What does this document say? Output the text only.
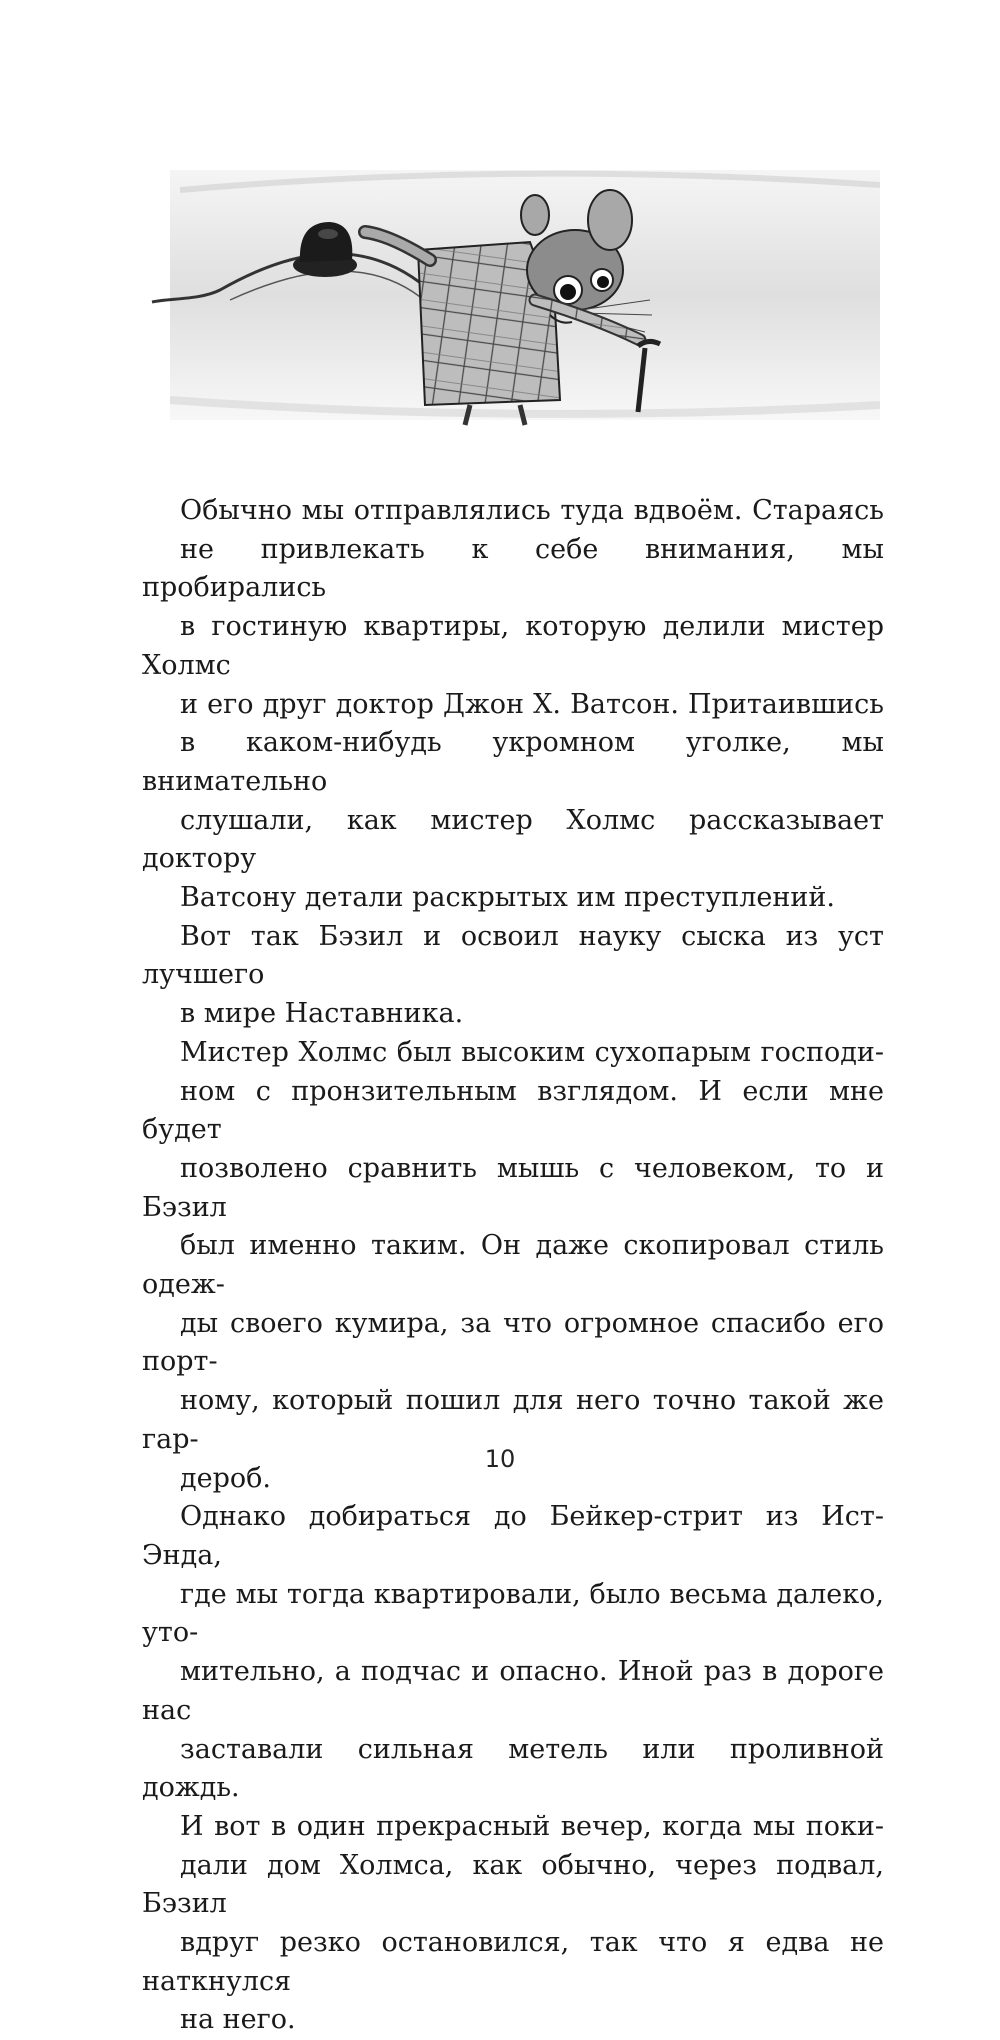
Обычно мы отправлялись туда вдвоём. Стараясь
не привлекать к себе внимания, мы пробирались
в гостиную квартиры, которую делили мистер Холмс
и его друг доктор Джон Х. Ватсон. Притаившись
в каком-нибудь укромном уголке, мы внимательно
слушали, как мистер Холмс рассказывает доктору
Ватсону детали раскрытых им преступлений.

Вот так Бэзил и освоил науку сыска из уст лучшего
в мире Наставника.

Мистер Холмс был высоким сухопарым господи-
ном с пронзительным взглядом. И если мне будет
позволено сравнить мышь с человеком, то и Бэзил
был именно таким. Он даже скопировал стиль одеж-
ды своего кумира, за что огромное спасибо его порт-
ному, который пошил для него точно такой же гар-
дероб.

Однако добираться до Бейкер-стрит из Ист-Энда,
где мы тогда квартировали, было весьма далеко, уто-
мительно, а подчас и опасно. Иной раз в дороге нас
заставали сильная метель или проливной дождь.

И вот в один прекрасный вечер, когда мы поки-
дали дом Холмса, как обычно, через подвал, Бэзил
вдруг резко остановился, так что я едва не наткнулся
на него.

10
